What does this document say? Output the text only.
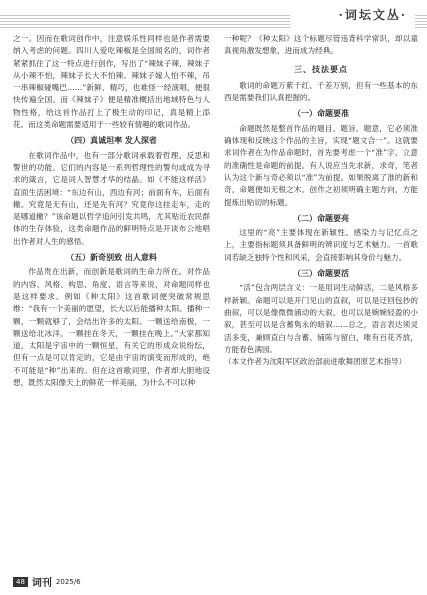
·词坛文丛·

之一。因而在歌词创作中，注意娱乐性同样也是作者需要纳入考虑的问题。四川人爱吃辣椒是全国闻名的，词作者紧紧抓住了这一特点进行创作，写出了“辣妹子辣，辣妹子从小辣不怕，辣妹子长大不怕辣。辣妹子嫁人怕不辣，吊一串辣椒碰嘴巴……”新鲜、精巧，也难怪一经演唱，便很快传遍全国。而《辣妹子》便是精准概括出地域特色与人物性格，给这首作品打上了极生动的印记，真是精上添花。而这类命题需要适用于一些较有情趣的歌词作品。

（四）真诚坦率 发人深省

在歌词作品中，也有一部分歌词承载着哲理、反思和警世的功能。它们的内容是一系列哲理性的警句或成为寻求的箴言，它是词人智慧才华的结晶。如《不能这样活》直面生活困境：“东边有山，西边有河；前面有车，后面有辙。究竟是无有山，还是先有河？究竟你这挂走车，走的是哪道辙？”该命题以哲学追问引发共鸣，尤其贴近农民群体的生存体验，这类命题作品的鲜明特点是开谈布公地唱出作者对人生的感悟。

（五）新奇别致 出人意料

作品贵在出新，而创新是歌词的生命力所在。对作品的内容、风格、构思、角度、语言等来说，对命题同样也是这样要求。例如《种太阳》这首歌词便突破常规思维：“我有一个美丽的愿望，长大以后能播种太阳。播种一颗，一颗就够了，会结出许多的太阳。一颗送给南极，一颗送给北冰洋。一颗挂在冬天，一颗挂在晚上。”大家都知道，太阳是宇宙中的一颗恒星，有关它的形成众说纷纭，但有一点是可以肯定的，它是由宇宙的演变而形成的，绝不可能是“种”出来的。但在这首歌词里，作者却大胆地设想，既然太阳像天上的鲜花一样美丽，为什么不可以种

一种呢？《种太阳》这个标题尽管违背科学常识，却以童真视角激发想象，进而成为经典。

三、技法要点

歌词的命题万紫千红、千差万别，但有一些基本的东西是需要我们认真把握的。

（一）命题要准

命题既然是整首作品的题目、题旨、题意，它必须准确体现和反映这个作品的主旨，实现“题文合一”。这就要求词作者在为作品命题时，首先要考虑一个“准”字，立意的准确性是命题的前提。有人说应当先求新，求奇，笔者认为这个新与奇必须以“准”为前提。如果脱离了准的新和奇，命题便如无根之木。创作之初须明确主题方向，方能提炼出贴切的标题。

（二）命题要亮

这里的“亮”主要体现在新颖性、感染力与记忆点之上，主要指标题须具备鲜明的辨识度与艺术魅力。一首歌词若缺乏独特个性和风采，会直接影响其身价与魅力。

（三）命题要活

“活”包含两层含义：一是用词生动鲜活，二是风格多样新颖。命题可以是开门见山的直叙，可以是迂回包抄的曲叙，可以是像微微涌动的大叙，也可以是婉婉轻盈的小叙，甚至可以是含蓄隽永的暗叙……总之，语言表达须灵活多变，兼顾直白与含蓄、铺陈与留白，唯有百花齐放，方能春色满园。

（本文作者为沈阳军区政治部前进歌舞团原艺术指导）

48 词刊 2025/6
